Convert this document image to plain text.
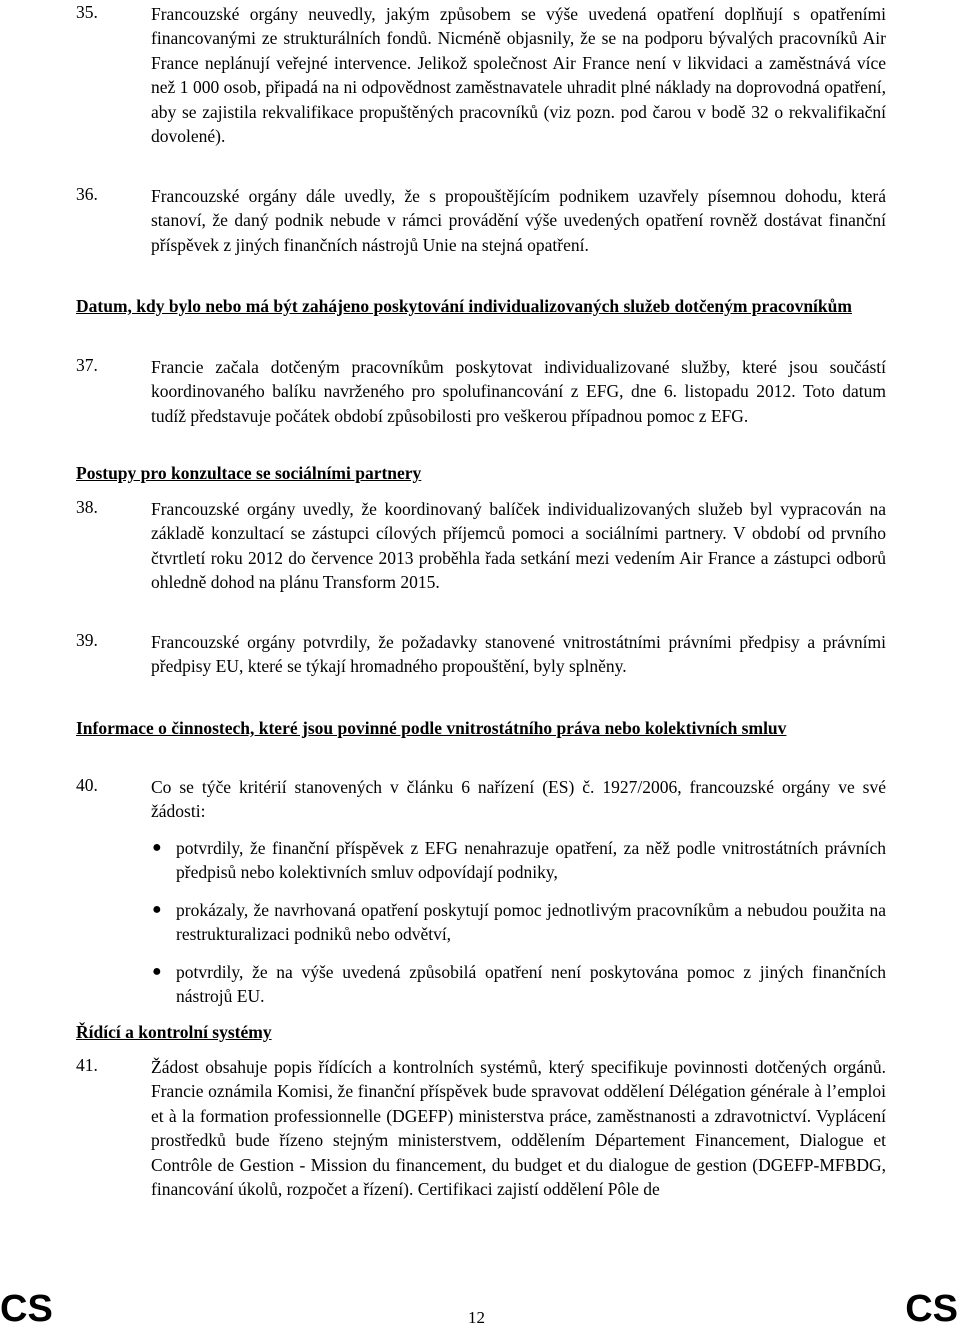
35.	Francouzské orgány neuvedly, jakým způsobem se výše uvedená opatření doplňují s opatřeními financovanými ze strukturálních fondů. Nicméně objasnily, že se na podporu bývalých pracovníků Air France neplánují veřejné intervence. Jelikož společnost Air France není v likvidaci a zaměstnává více než 1 000 osob, připadá na ni odpovědnost zaměstnavatele uhradit plné náklady na doprovodná opatření, aby se zajistila rekvalifikace propuštěných pracovníků (viz pozn. pod čarou v bodě 32 o rekvalifikační dovolené).
36.	Francouzské orgány dále uvedly, že s propouštějícím podnikem uzavřely písemnou dohodu, která stanoví, že daný podnik nebude v rámci provádění výše uvedených opatření rovněž dostávat finanční příspěvek z jiných finančních nástrojů Unie na stejná opatření.
Datum, kdy bylo nebo má být zahájeno poskytování individualizovaných služeb dotčeným pracovníkům
37.	Francie začala dotčeným pracovníkům poskytovat individualizované služby, které jsou součástí koordinovaného balíku navrženého pro spolufinancování z EFG, dne 6. listopadu 2012. Toto datum tudíž představuje počátek období způsobilosti pro veškerou případnou pomoc z EFG.
Postupy pro konzultace se sociálními partnery
38.	Francouzské orgány uvedly, že koordinovaný balíček individualizovaných služeb byl vypracován na základě konzultací se zástupci cílových příjemců pomoci a sociálními partnery. V období od prvního čtvrtletí roku 2012 do července 2013 proběhla řada setkání mezi vedením Air France a zástupci odborů ohledně dohod na plánu Transform 2015.
39.	Francouzské orgány potvrdily, že požadavky stanovené vnitrostátními právními předpisy a právními předpisy EU, které se týkají hromadného propouštění, byly splněny.
Informace o činnostech, které jsou povinné podle vnitrostátního práva nebo kolektivních smluv
40.	Co se týče kritérií stanovených v článku 6 nařízení (ES) č. 1927/2006, francouzské orgány ve své žádosti:
● potvrdily, že finanční příspěvek z EFG nenahrazuje opatření, za něž podle vnitrostátních právních předpisů nebo kolektivních smluv odpovídají podniky,
● prokázaly, že navrhovaná opatření poskytují pomoc jednotlivým pracovníkům a nebudou použita na restrukturalizaci podniků nebo odvětví,
● potvrdily, že na výše uvedená způsobilá opatření není poskytována pomoc z jiných finančních nástrojů EU.
Řídící a kontrolní systémy
41.	Žádost obsahuje popis řídících a kontrolních systémů, který specifikuje povinnosti dotčených orgánů. Francie oznámila Komisi, že finanční příspěvek bude spravovat oddělení Délégation générale à l’emploi et à la formation professionnelle (DGEFP) ministerstva práce, zaměstnanosti a zdravotnictví. Vyplácení prostředků bude řízeno stejným ministerstvem, oddělením Département Financement, Dialogue et Contrôle de Gestion - Mission du financement, du budget et du dialogue de gestion (DGEFP-MFBDG, financování úkolů, rozpočet a řízení). Certifikaci zajistí oddělení Pôle de
CS	12	CS
